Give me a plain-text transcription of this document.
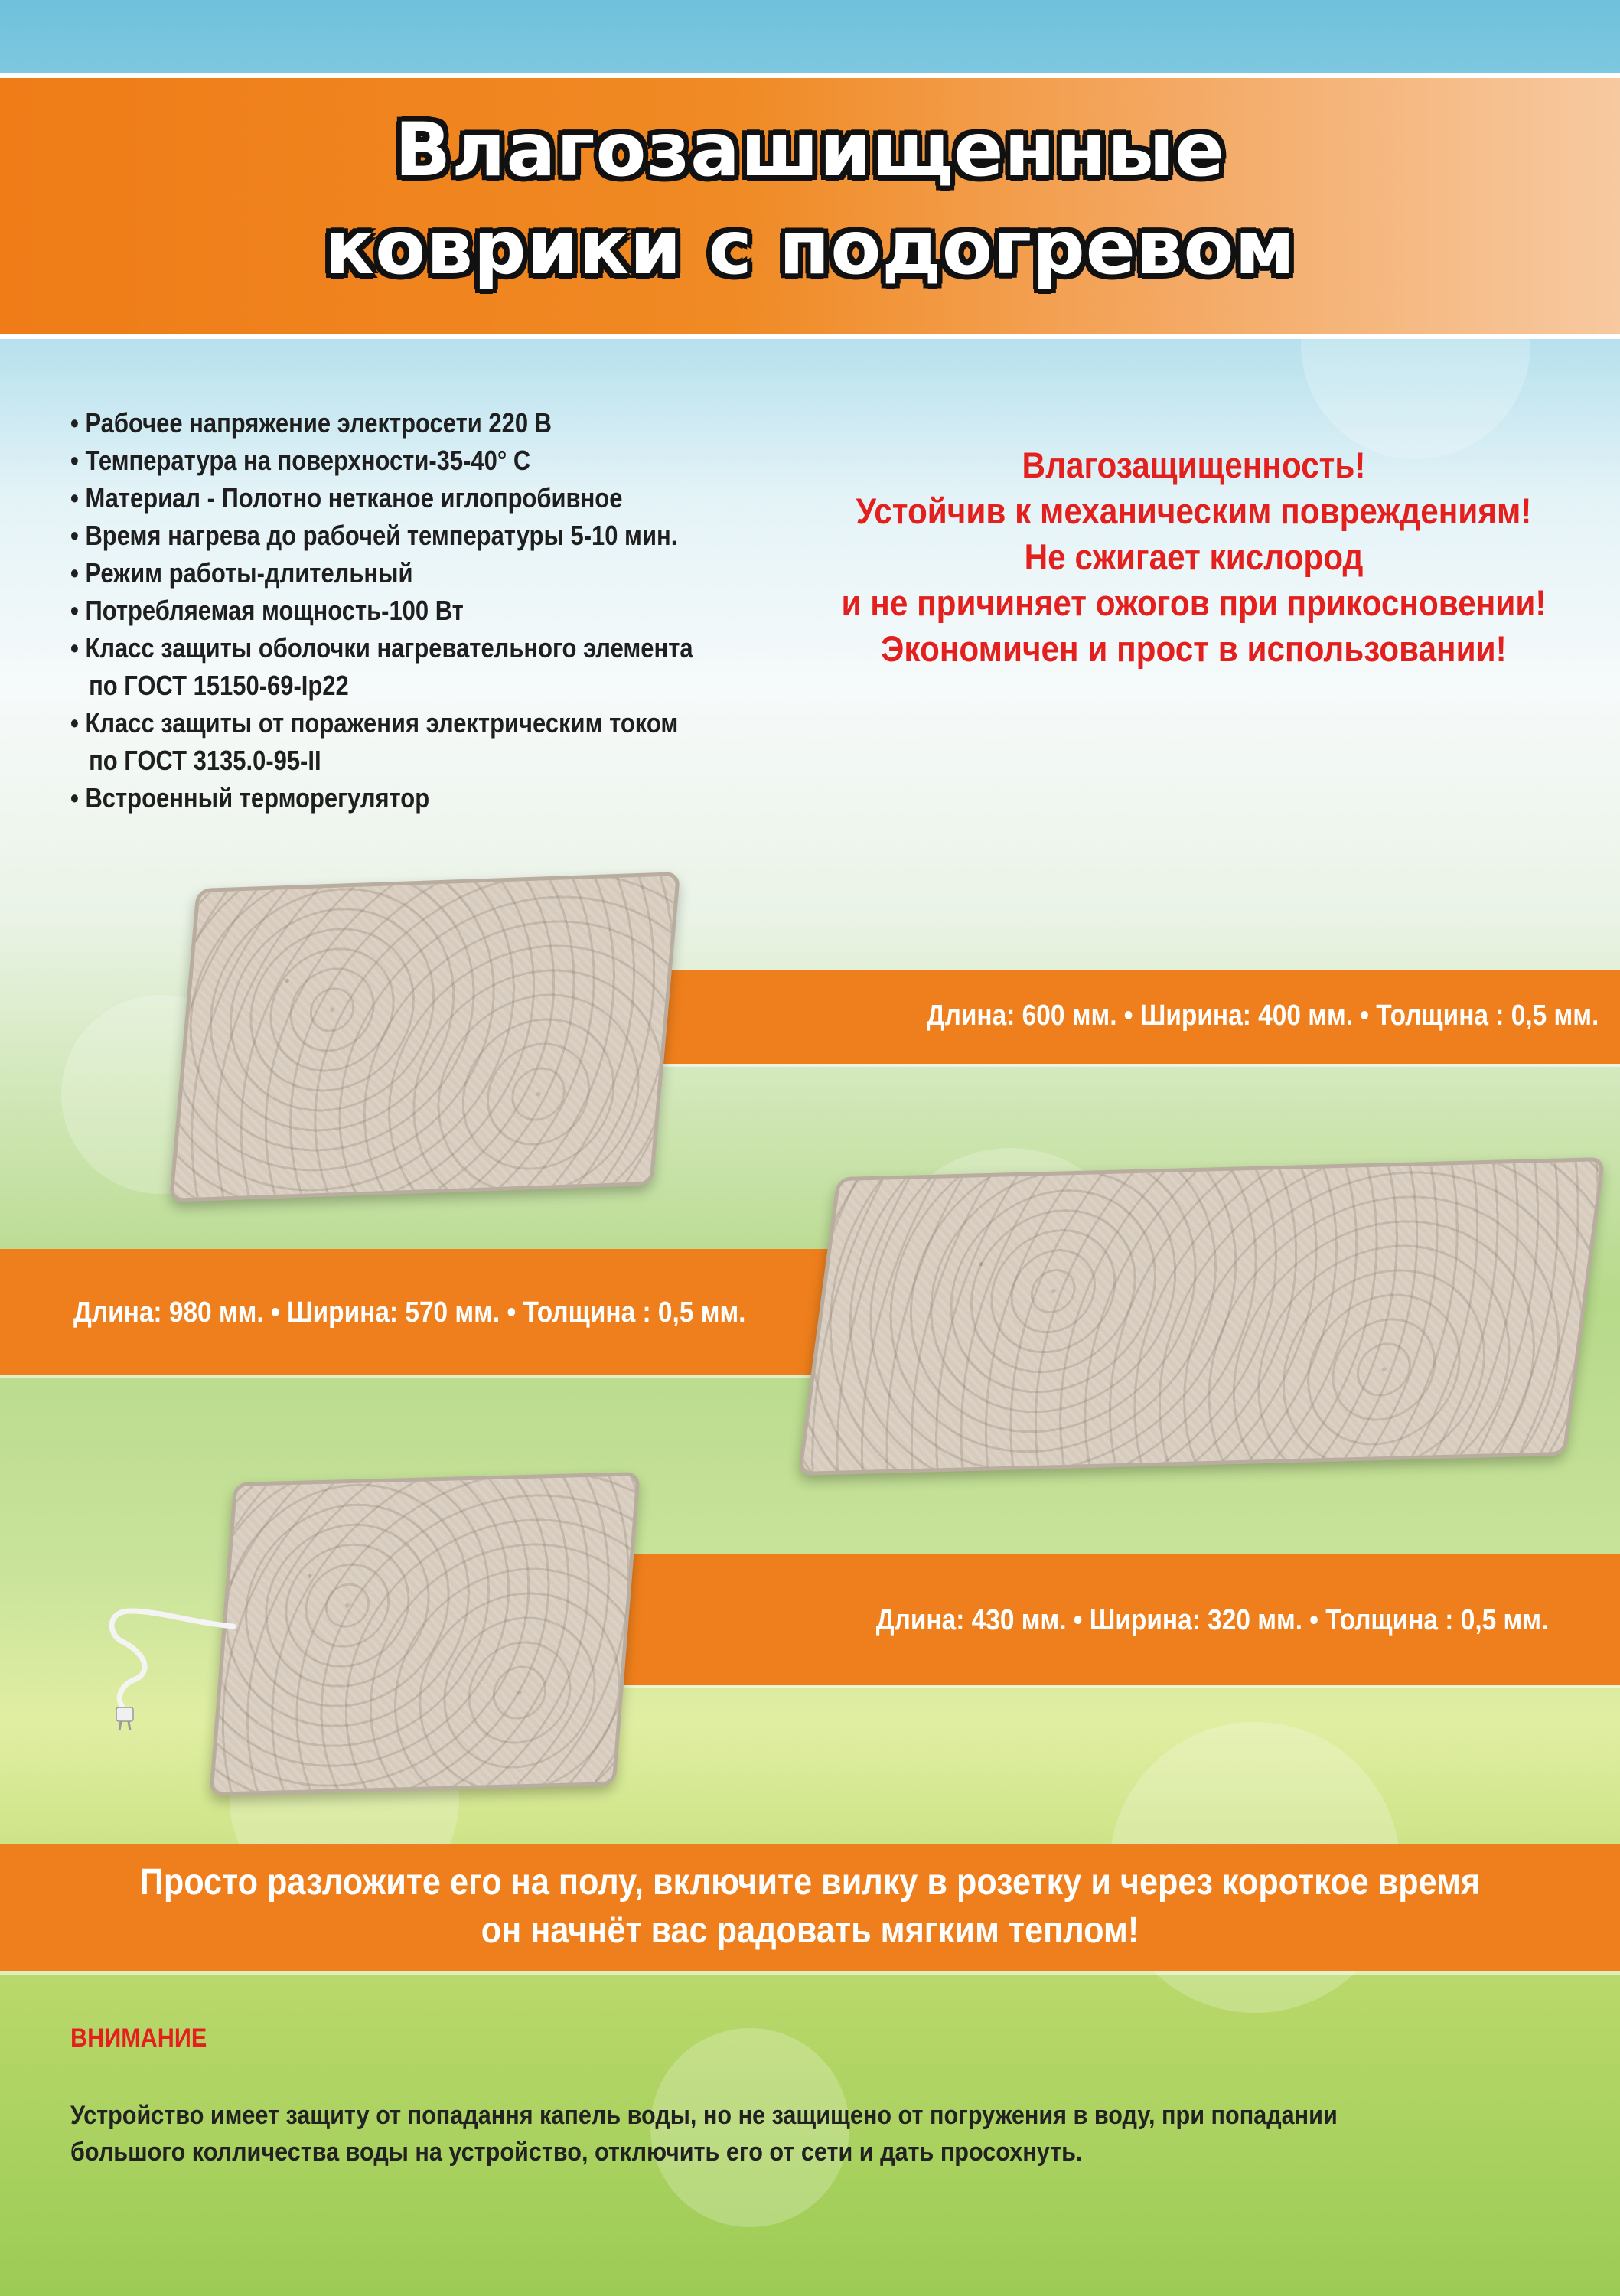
Влагозашищенные
коврики с подогревом
• Рабочее напряжение электросети 220 В
• Температура на поверхности-35-40° С
• Материал - Полотно нетканое иглопробивное
• Время нагрева до рабочей температуры 5-10 мин.
• Режим работы-длительный
• Потребляемая мощность-100 Вт
• Класс защиты оболочки нагревательного элемента по ГОСТ 15150-69-Ip22
• Класс защиты от поражения электрическим током по ГОСТ 3135.0-95-II
• Встроенный терморегулятор
Влагозащищенность!
Устойчив к механическим повреждениям!
Не сжигает кислород
и не причиняет ожогов при прикосновении!
Экономичен и прост в использовании!
Длина: 600 мм. • Ширина: 400 мм. • Толщина : 0,5 мм.
Длина: 980 мм. • Ширина: 570 мм. • Толщина : 0,5 мм.
Длина: 430 мм. • Ширина: 320 мм. • Толщина : 0,5 мм.
Просто разложите его на полу, включите вилку в розетку и через короткое время
он начнёт вас радовать мягким теплом!
ВНИМАНИЕ
Устройство имеет защиту от попадання капель воды, но не защищено от погружения в воду, при попадании большого колличества воды на устройство, отключить его от сети и дать просохнуть.
